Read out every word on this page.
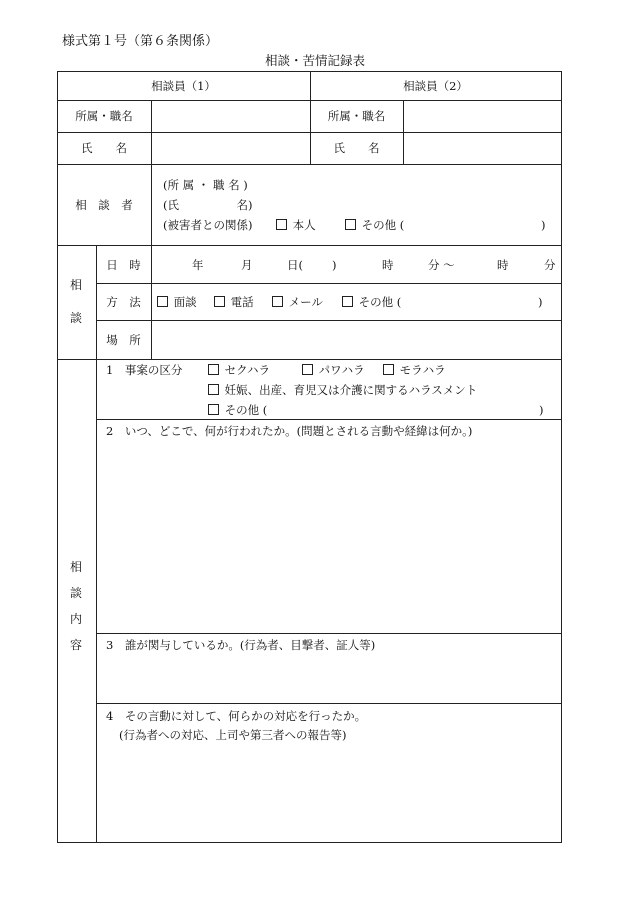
様式第１号（第６条関係）
相談・苦情記録表
相談員（1）	相談員（2）
所属・職名	所属・職名
氏　　名	氏　　名
相　談　者
(所 属 ・ 職 名 )
(氏　　　　　名)
(被害者との関係)	本人	その他 (	)
相
談
日　時	年	月	日(	)	時	分 〜	時	分
方　法	面談	電話	メール	その他 (	)
場　所
相
談
内
容
1　事案の区分	セクハラ	パワハラ	モラハラ
妊娠、出産、育児又は介護に関するハラスメント
その他 (	)
2　いつ、どこで、何が行われたか。(問題とされる言動や経緯は何か。)
3　誰が関与しているか。(行為者、目撃者、証人等)
4　その言動に対して、何らかの対応を行ったか。
(行為者への対応、上司や第三者への報告等)
